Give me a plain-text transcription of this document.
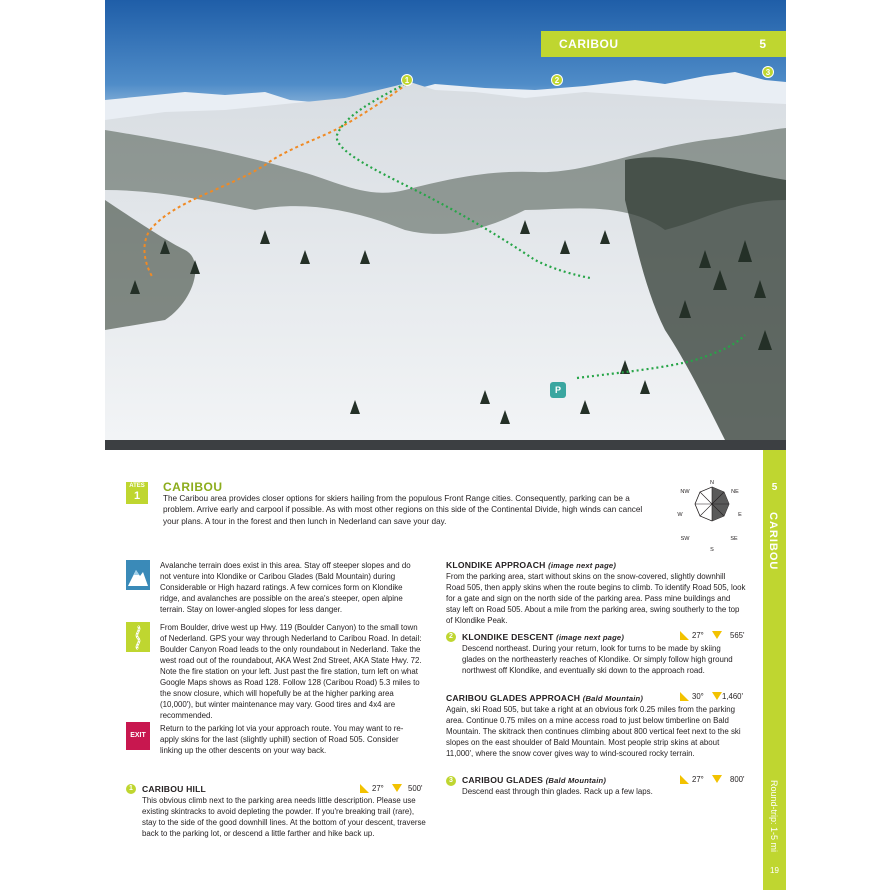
1	2
3
P
CARIBOU	5
5
CARIBOU
Round-trip: 1-5 mi
19
ATES
1
CARIBOU
The Caribou area provides closer options for skiers hailing from the populous Front Range cities. Consequently, parking can be a problem. Arrive early and carpool if possible. As with most other regions on this side of the Continental Divide, high winds can cancel your plans. A tour in the forest and then lunch in Nederland can save your day.
N
NE
E
SE
S
SW
W
NW
Avalanche terrain does exist in this area. Stay off steeper slopes and do not venture into Klondike or Caribou Glades (Bald Mountain) during Considerable or High hazard ratings. A few cornices form on Klondike ridge, and avalanches are possible on the area's steeper, open alpine terrain. Stay on lower-angled slopes for less danger.
From Boulder, drive west up Hwy. 119 (Boulder Canyon) to the small town of Nederland. GPS your way through Nederland to Caribou Road. In detail: Boulder Canyon Road leads to the only roundabout in Nederland. Take the west road out of the roundabout, AKA West 2nd Street, AKA State Hwy. 72. Note the fire station on your left. Just past the fire station, turn left on what Google Maps shows as Road 128. Follow 128 (Caribou Road) 5.3 miles to the snow closure, which will hopefully be at the higher parking area (10,000'), but winter maintenance may vary. Good tires and 4x4 are recommended.
EXIT
Return to the parking lot via your approach route. You may want to re-apply skins for the last (slightly uphill) section of Road 505. Consider linking up the other descents on your way back.
1	CARIBOU HILL	27°	500'
This obvious climb next to the parking area needs little description. Please use existing skintracks to avoid depleting the powder. If you're breaking trail (rare), stay to the side of the good downhill lines. At the bottom of your descent, traverse back to the parking lot, or descend a little farther and hike back up.
KLONDIKE APPROACH (image next page)
From the parking area, start without skins on the snow-covered, slightly downhill Road 505, then apply skins when the route begins to climb. To identify Road 505, look for a gate and sign on the north side of the parking area. Pass mine buildings and stay left on Road 505. About a mile from the parking area, swing southerly to the top of Klondike Peak.
2	KLONDIKE DESCENT (image next page)	27°	565'
Descend northeast. During your return, look for turns to be made by skiing glades on the northeasterly reaches of Klondike. Or simply follow high ground northwest off Klondike, and eventually ski down to the approach road.
CARIBOU GLADES APPROACH (Bald Mountain)	30° 1,460'
Again, ski Road 505, but take a right at an obvious fork 0.25 miles from the parking area. Continue 0.75 miles on a mine access road to just below timberline on Bald Mountain. The skitrack then continues climbing about 800 vertical feet next to the ski slopes on the east shoulder of Bald Mountain. Most people strip skins at about 11,000', where the snow cover gives way to wind-scoured rocky terrain.
3	CARIBOU GLADES (Bald Mountain)	27°	800'
Descend east through thin glades. Rack up a few laps.
